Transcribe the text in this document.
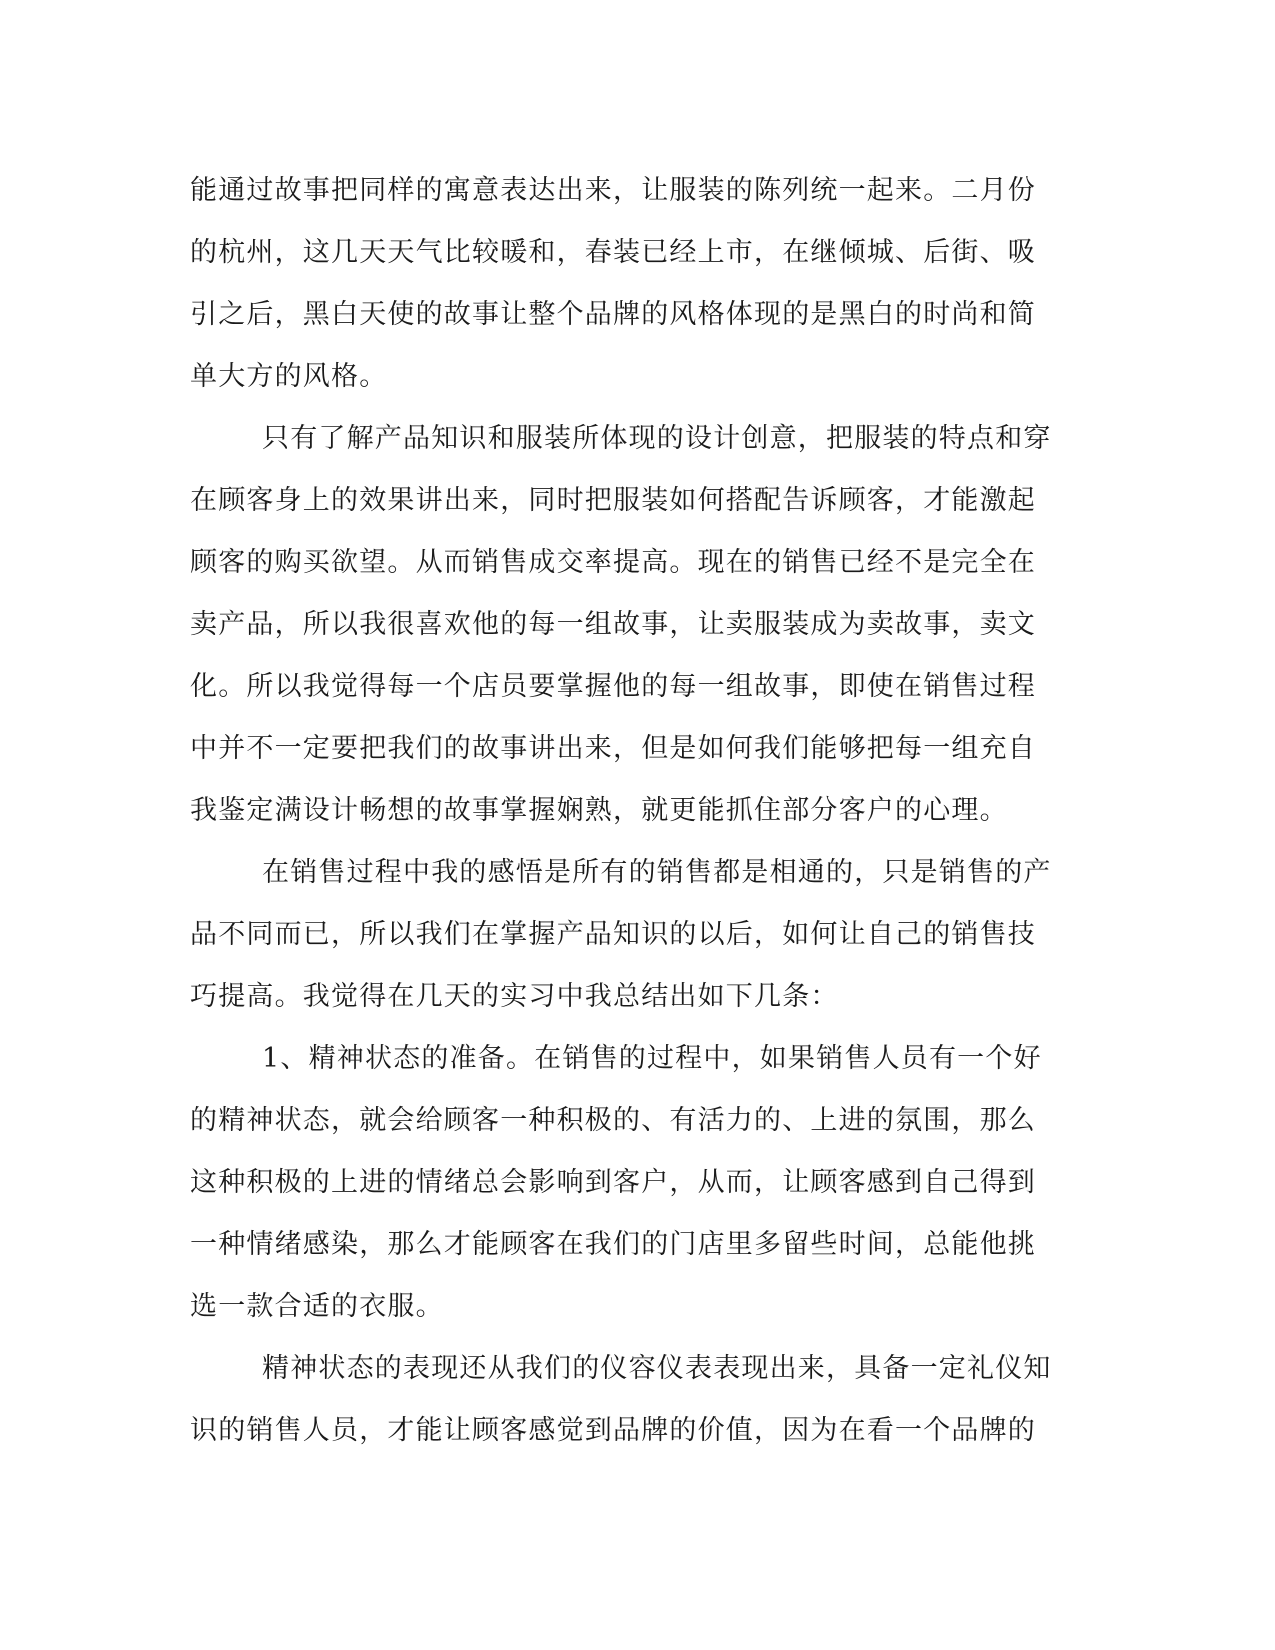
能通过故事把同样的寓意表达出来，让服装的陈列统一起来。二月份
的杭州，这几天天气比较暖和，春装已经上市，在继倾城、后街、吸
引之后，黑白天使的故事让整个品牌的风格体现的是黑白的时尚和简
单大方的风格。
只有了解产品知识和服装所体现的设计创意，把服装的特点和穿
在顾客身上的效果讲出来，同时把服装如何搭配告诉顾客，才能激起
顾客的购买欲望。从而销售成交率提高。现在的销售已经不是完全在
卖产品，所以我很喜欢他的每一组故事，让卖服装成为卖故事，卖文
化。所以我觉得每一个店员要掌握他的每一组故事，即使在销售过程
中并不一定要把我们的故事讲出来，但是如何我们能够把每一组充自
我鉴定满设计畅想的故事掌握娴熟，就更能抓住部分客户的心理。
在销售过程中我的感悟是所有的销售都是相通的，只是销售的产
品不同而已，所以我们在掌握产品知识的以后，如何让自己的销售技
巧提高。我觉得在几天的实习中我总结出如下几条：
1、精神状态的准备。在销售的过程中，如果销售人员有一个好
的精神状态，就会给顾客一种积极的、有活力的、上进的氛围，那么
这种积极的上进的情绪总会影响到客户，从而，让顾客感到自己得到
一种情绪感染，那么才能顾客在我们的门店里多留些时间，总能他挑
选一款合适的衣服。
精神状态的表现还从我们的仪容仪表表现出来，具备一定礼仪知
识的销售人员，才能让顾客感觉到品牌的价值，因为在看一个品牌的
